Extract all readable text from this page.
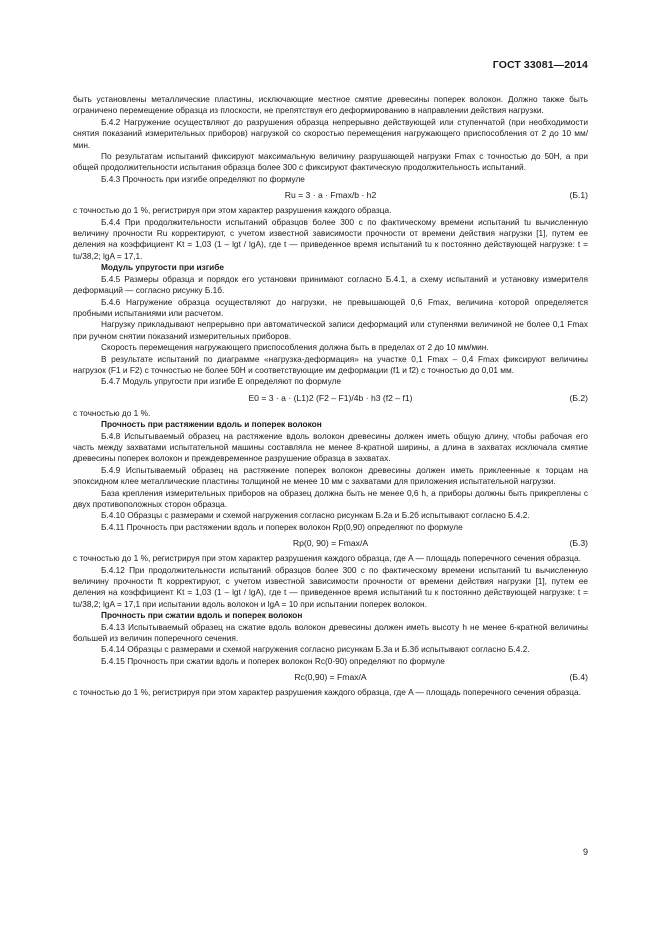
ГОСТ 33081—2014

быть установлены металлические пластины, исключающие местное смятие древесины поперек волокон. Должно также быть ограничено перемещение образца из плоскости, не препятствуя его деформированию в направлении действия нагрузки.

Б.4.2 Нагружение осуществляют до разрушения образца непрерывно действующей или ступенчатой (при необходимости снятия показаний измерительных приборов) нагрузкой со скоростью перемещения нагружающего приспособления от 2 до 10 мм/мин.

По результатам испытаний фиксируют максимальную величину разрушающей нагрузки Fmax с точностью до 50Н, а при общей продолжительности испытания образца более 300 с фиксируют фактическую продолжительность испытаний.

Б.4.3 Прочность при изгибе определяют по формуле

Ru = 3 · a · Fmax/b · h2	(Б.1)

с точностью до 1 %, регистрируя при этом характер разрушения каждого образца.

Б.4.4 При продолжительности испытаний образцов более 300 с по фактическому времени испытаний tu вычисленную величину прочности Ru корректируют, с учетом известной зависимости прочности от времени действия нагрузки [1], путем ее деления на коэффициент Kt = 1,03 (1 – lgt / lgA), где t — приведенное время испытаний tu к постоянно действующей нагрузке: t = tu/38,2; lgA = 17,1.

Модуль упругости при изгибе

Б.4.5 Размеры образца и порядок его установки принимают согласно Б.4.1, а схему испытаний и установку измерителя деформаций — согласно рисунку Б.1б.

Б.4.6 Нагружение образца осуществляют до нагрузки, не превышающей 0,6 Fmax, величина которой определяется пробными испытаниями или расчетом.

Нагрузку прикладывают непрерывно при автоматической записи деформаций или ступенями величиной не более 0,1 Fmax при ручном снятии показаний измерительных приборов.

Скорость перемещения нагружающего приспособления должна быть в пределах от 2 до 10 мм/мин.

В результате испытаний по диаграмме «нагрузка-деформация» на участке 0,1 Fmax – 0,4 Fmax фиксируют величины нагрузок (F1 и F2) с точностью не более 50Н и соответствующие им деформации (f1 и f2) с точностью до 0,01 мм.

Б.4.7 Модуль упругости при изгибе E определяют по формуле

E0 = 3 · a · (L1)2 (F2 – F1)/4b · h3 (f2 – f1)	(Б.2)

с точностью до 1 %.

Прочность при растяжении вдоль и поперек волокон

Б.4.8 Испытываемый образец на растяжение вдоль волокон древесины должен иметь общую длину, чтобы рабочая его часть между захватами испытательной машины составляла не менее 8-кратной ширины, а длина в захватах исключала смятие древесины поперек волокон и преждевременное разрушение образца в захватах.

Б.4.9 Испытываемый образец на растяжение поперек волокон древесины должен иметь приклеенные к торцам на эпоксидном клее металлические пластины толщиной не менее 10 мм с захватами для приложения испытательной нагрузки.

База крепления измерительных приборов на образец должна быть не менее 0,6 h, а приборы должны быть прикреплены с двух противоположных сторон образца.

Б.4.10 Образцы с размерами и схемой нагружения согласно рисункам Б.2а и Б.2б испытывают согласно Б.4.2.

Б.4.11 Прочность при растяжении вдоль и поперек волокон Rp(0,90) определяют по формуле

Rp(0, 90) = Fmax/A	(Б.3)

с точностью до 1 %, регистрируя при этом характер разрушения каждого образца, где A — площадь поперечного сечения образца.

Б.4.12 При продолжительности испытаний образцов более 300 с по фактическому времени испытаний tu вычисленную величину прочности ft корректируют, с учетом известной зависимости прочности от времени действия нагрузки [1], путем ее деления на коэффициент Kt = 1,03 (1 – lgt / lgA), где t — приведенное время испытаний tu к постоянно действующей нагрузке: t = tu/38,2; lgA = 17,1 при испытании вдоль волокон и lgA = 10 при испытании поперек волокон.

Прочность при сжатии вдоль и поперек волокон

Б.4.13 Испытываемый образец на сжатие вдоль волокон древесины должен иметь высоту h не менее 6-кратной величины большей из величин поперечного сечения.

Б.4.14 Образцы с размерами и схемой нагружения согласно рисункам Б.3а и Б.3б испытывают согласно Б.4.2.

Б.4.15 Прочность при сжатии вдоль и поперек волокон Rc(0-90) определяют по формуле

Rc(0,90) = Fmax/A	(Б.4)

с точностью до 1 %, регистрируя при этом характер разрушения каждого образца, где A — площадь поперечного сечения образца.

9
